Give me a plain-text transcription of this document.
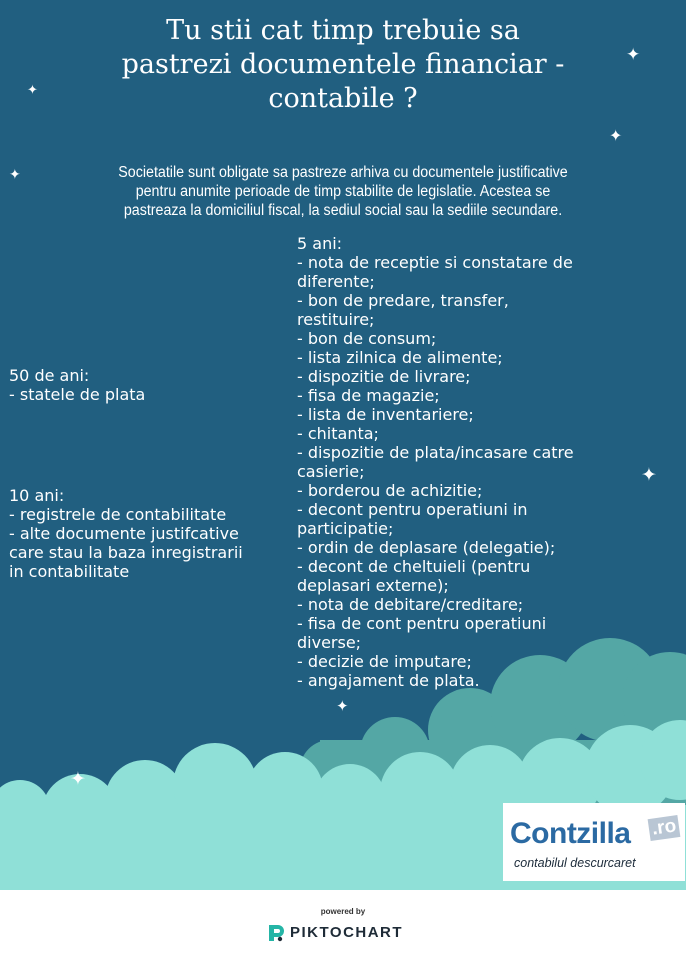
Tu stii cat timp trebuie sa
pastrezi documentele financiar -
contabile ?
Societatile sunt obligate sa pastreze arhiva cu documentele justificative
pentru anumite perioade de timp stabilite de legislatie. Acestea se
pastreaza la domiciliul fiscal, la sediul social sau la sediile secundare.
50 de ani:
- statele de plata
10 ani:
- registrele de contabilitate
- alte documente justifcative
care stau la baza inregistrarii
in contabilitate
5 ani:
- nota de receptie si constatare de
diferente;
- bon de predare, transfer,
restituire;
- bon de consum;
- lista zilnica de alimente;
- dispozitie de livrare;
- fisa de magazie;
- lista de inventariere;
- chitanta;
- dispozitie de plata/incasare catre
casierie;
- borderou de achizitie;
- decont pentru operatiuni in
participatie;
- ordin de deplasare (delegatie);
- decont de cheltuieli (pentru
deplasari externe);
- nota de debitare/creditare;
- fisa de cont pentru operatiuni
diverse;
- decizie de imputare;
- angajament de plata.
✦
✦
✦
✦
✦
✦
✦
Contzilla .ro
contabilul descurcaret
powered by
PIKTOCHART
